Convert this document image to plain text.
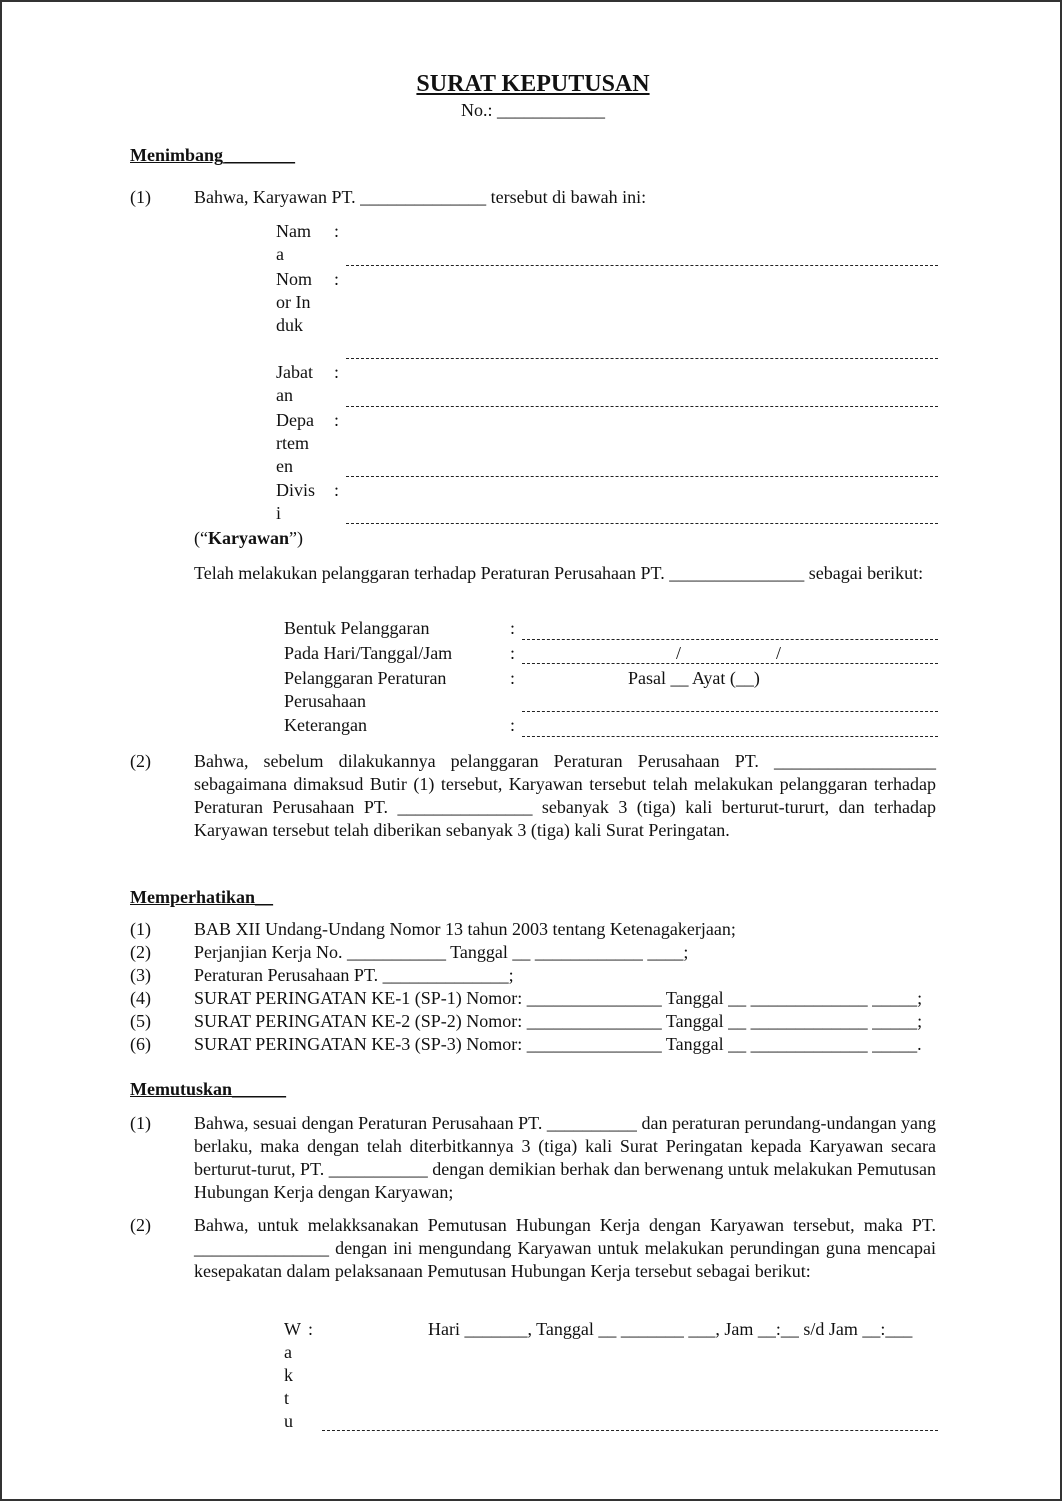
SURAT KEPUTUSAN
No.: ____________
Menimbang________
(1) Bahwa, Karyawan PT. ______________ tersebut di bawah ini:
Nama
:
Nomor Induk
:
Jabatan
:
Departemen
:
Divisi
:
(“Karyawan”)
Telah melakukan pelanggaran terhadap Peraturan Perusahaan PT. _______________ sebagai berikut:
Bentuk Pelanggaran	:
Pada Hari/Tanggal/Jam	:	/	/
Pelanggaran Peraturan Perusahaan
:	Pasal __ Ayat (__)
Keterangan	:
(2) Bahwa, sebelum dilakukannya pelanggaran Peraturan Perusahaan PT. __________________ sebagaimana dimaksud Butir (1) tersebut, Karyawan tersebut telah melakukan pelanggaran terhadap Peraturan Perusahaan PT. _______________ sebanyak 3 (tiga) kali berturut-tururt, dan terhadap Karyawan tersebut telah diberikan sebanyak 3 (tiga) kali Surat Peringatan.
Memperhatikan__
(1) BAB XII Undang-Undang Nomor 13 tahun 2003 tentang Ketenagakerjaan;
(2) Perjanjian Kerja No. ___________ Tanggal __ ____________ ____;
(3) Peraturan Perusahaan PT. ______________;
(4) SURAT PERINGATAN KE-1 (SP-1) Nomor: _______________ Tanggal __ _____________ _____;
(5) SURAT PERINGATAN KE-2 (SP-2) Nomor: _______________ Tanggal __ _____________ _____;
(6) SURAT PERINGATAN KE-3 (SP-3) Nomor: _______________ Tanggal __ _____________ _____.
Memutuskan______
(1) Bahwa, sesuai dengan Peraturan Perusahaan PT. __________ dan peraturan perundang-undangan yang berlaku, maka dengan telah diterbitkannya 3 (tiga) kali Surat Peringatan kepada Karyawan secara berturut-turut, PT. ___________ dengan demikian berhak dan berwenang untuk melakukan Pemutusan Hubungan Kerja dengan Karyawan;
(2) Bahwa, untuk melakksanakan Pemutusan Hubungan Kerja dengan Karyawan tersebut, maka PT. _______________ dengan ini mengundang Karyawan untuk melakukan perundingan guna mencapai kesepakatan dalam pelaksanaan Pemutusan Hubungan Kerja tersebut sebagai berikut:
Waktu
:	Hari _______, Tanggal __ _______ ___, Jam __:__ s/d Jam __:___
